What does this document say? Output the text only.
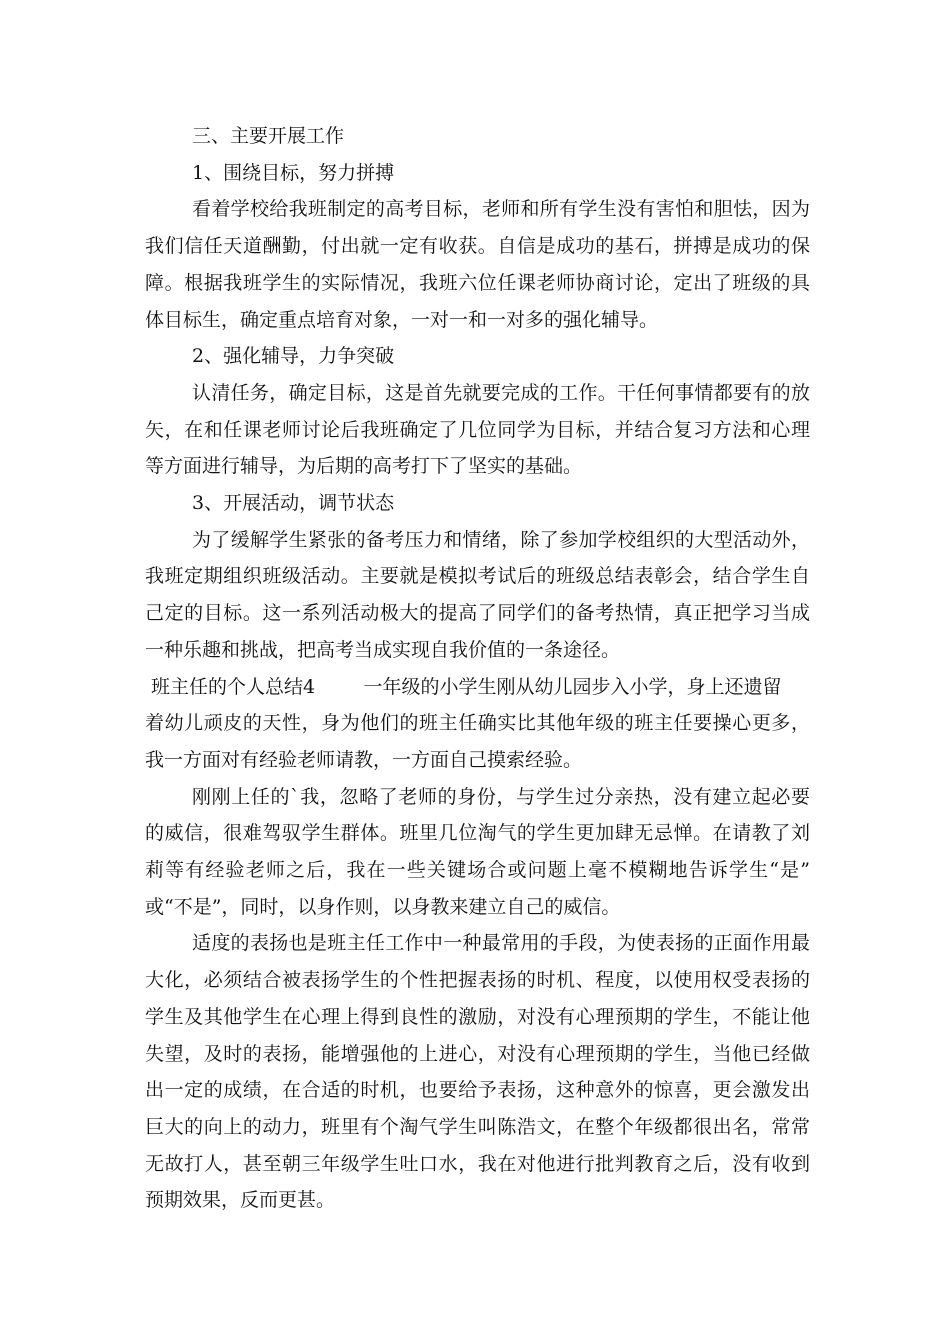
三、主要开展工作
1、围绕目标，努力拼搏
看着学校给我班制定的高考目标，老师和所有学生没有害怕和胆怯，因为
我们信任天道酬勤，付出就一定有收获。自信是成功的基石，拼搏是成功的保
障。根据我班学生的实际情况，我班六位任课老师协商讨论，定出了班级的具
体目标生，确定重点培育对象，一对一和一对多的强化辅导。
2、强化辅导，力争突破
认清任务，确定目标，这是首先就要完成的工作。干任何事情都要有的放
矢，在和任课老师讨论后我班确定了几位同学为目标，并结合复习方法和心理
等方面进行辅导，为后期的高考打下了坚实的基础。
3、开展活动，调节状态
为了缓解学生紧张的备考压力和情绪，除了参加学校组织的大型活动外，
我班定期组织班级活动。主要就是模拟考试后的班级总结表彰会，结合学生自
己定的目标。这一系列活动极大的提高了同学们的备考热情，真正把学习当成
一种乐趣和挑战，把高考当成实现自我价值的一条途径。
班主任的个人总结4        一年级的小学生刚从幼儿园步入小学，身上还遗留
着幼儿顽皮的天性，身为他们的班主任确实比其他年级的班主任要操心更多，
我一方面对有经验老师请教，一方面自己摸索经验。
刚刚上任的`我，忽略了老师的身份，与学生过分亲热，没有建立起必要
的威信，很难驾驭学生群体。班里几位淘气的学生更加肆无忌惮。在请教了刘
莉等有经验老师之后，我在一些关键场合或问题上毫不模糊地告诉学生“是”
或“不是”，同时，以身作则，以身教来建立自己的威信。
适度的表扬也是班主任工作中一种最常用的手段，为使表扬的正面作用最
大化，必须结合被表扬学生的个性把握表扬的时机、程度，以使用权受表扬的
学生及其他学生在心理上得到良性的激励，对没有心理预期的学生，不能让他
失望，及时的表扬，能增强他的上进心，对没有心理预期的学生，当他已经做
出一定的成绩，在合适的时机，也要给予表扬，这种意外的惊喜，更会激发出
巨大的向上的动力，班里有个淘气学生叫陈浩文，在整个年级都很出名，常常
无故打人，甚至朝三年级学生吐口水，我在对他进行批判教育之后，没有收到
预期效果，反而更甚。
